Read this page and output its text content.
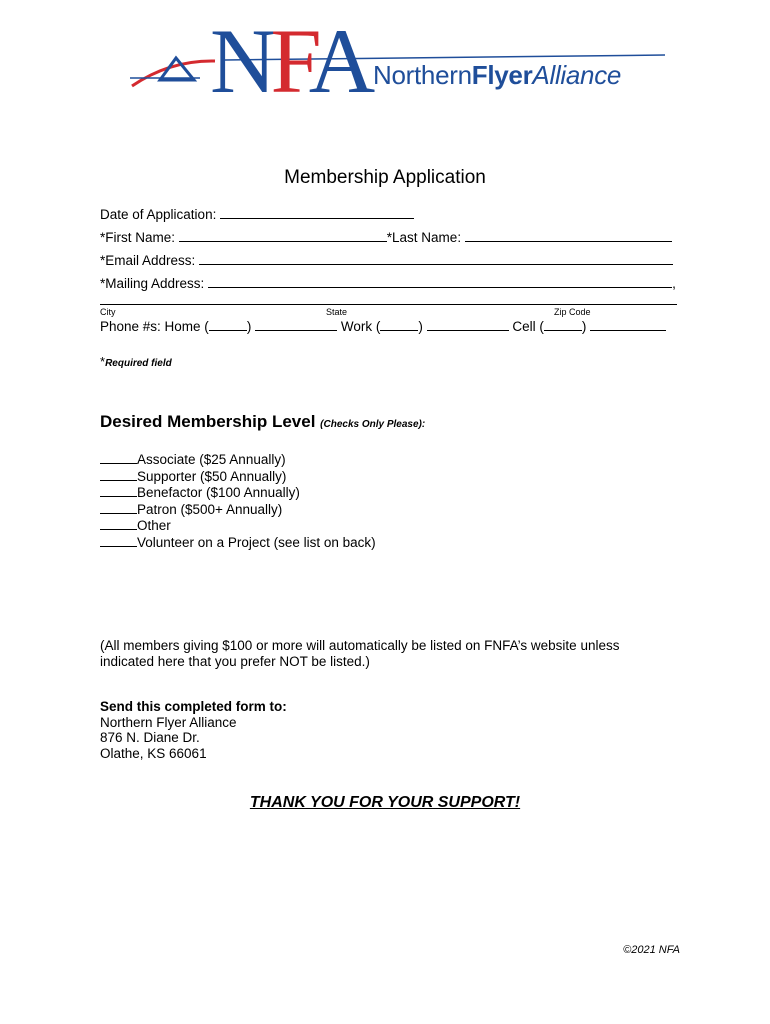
NFA NorthernFlyerAlliance
Membership Application
Date of Application:
*First Name:	*Last Name:
*Email Address:
*Mailing Address:	,
City	State	Zip Code
Phone #s: Home (	)	Work (	)	Cell (	)
*Required field
Desired Membership Level (Checks Only Please):
Associate ($25 Annually)
Supporter ($50 Annually)
Benefactor ($100 Annually)
Patron ($500+ Annually)
Other
Volunteer on a Project (see list on back)
(All members giving $100 or more will automatically be listed on FNFA’s website unless
indicated here that you prefer NOT be listed.)
Send this completed form to:
Northern Flyer Alliance
876 N. Diane Dr.
Olathe, KS 66061
THANK YOU FOR YOUR SUPPORT!
©2021 NFA
